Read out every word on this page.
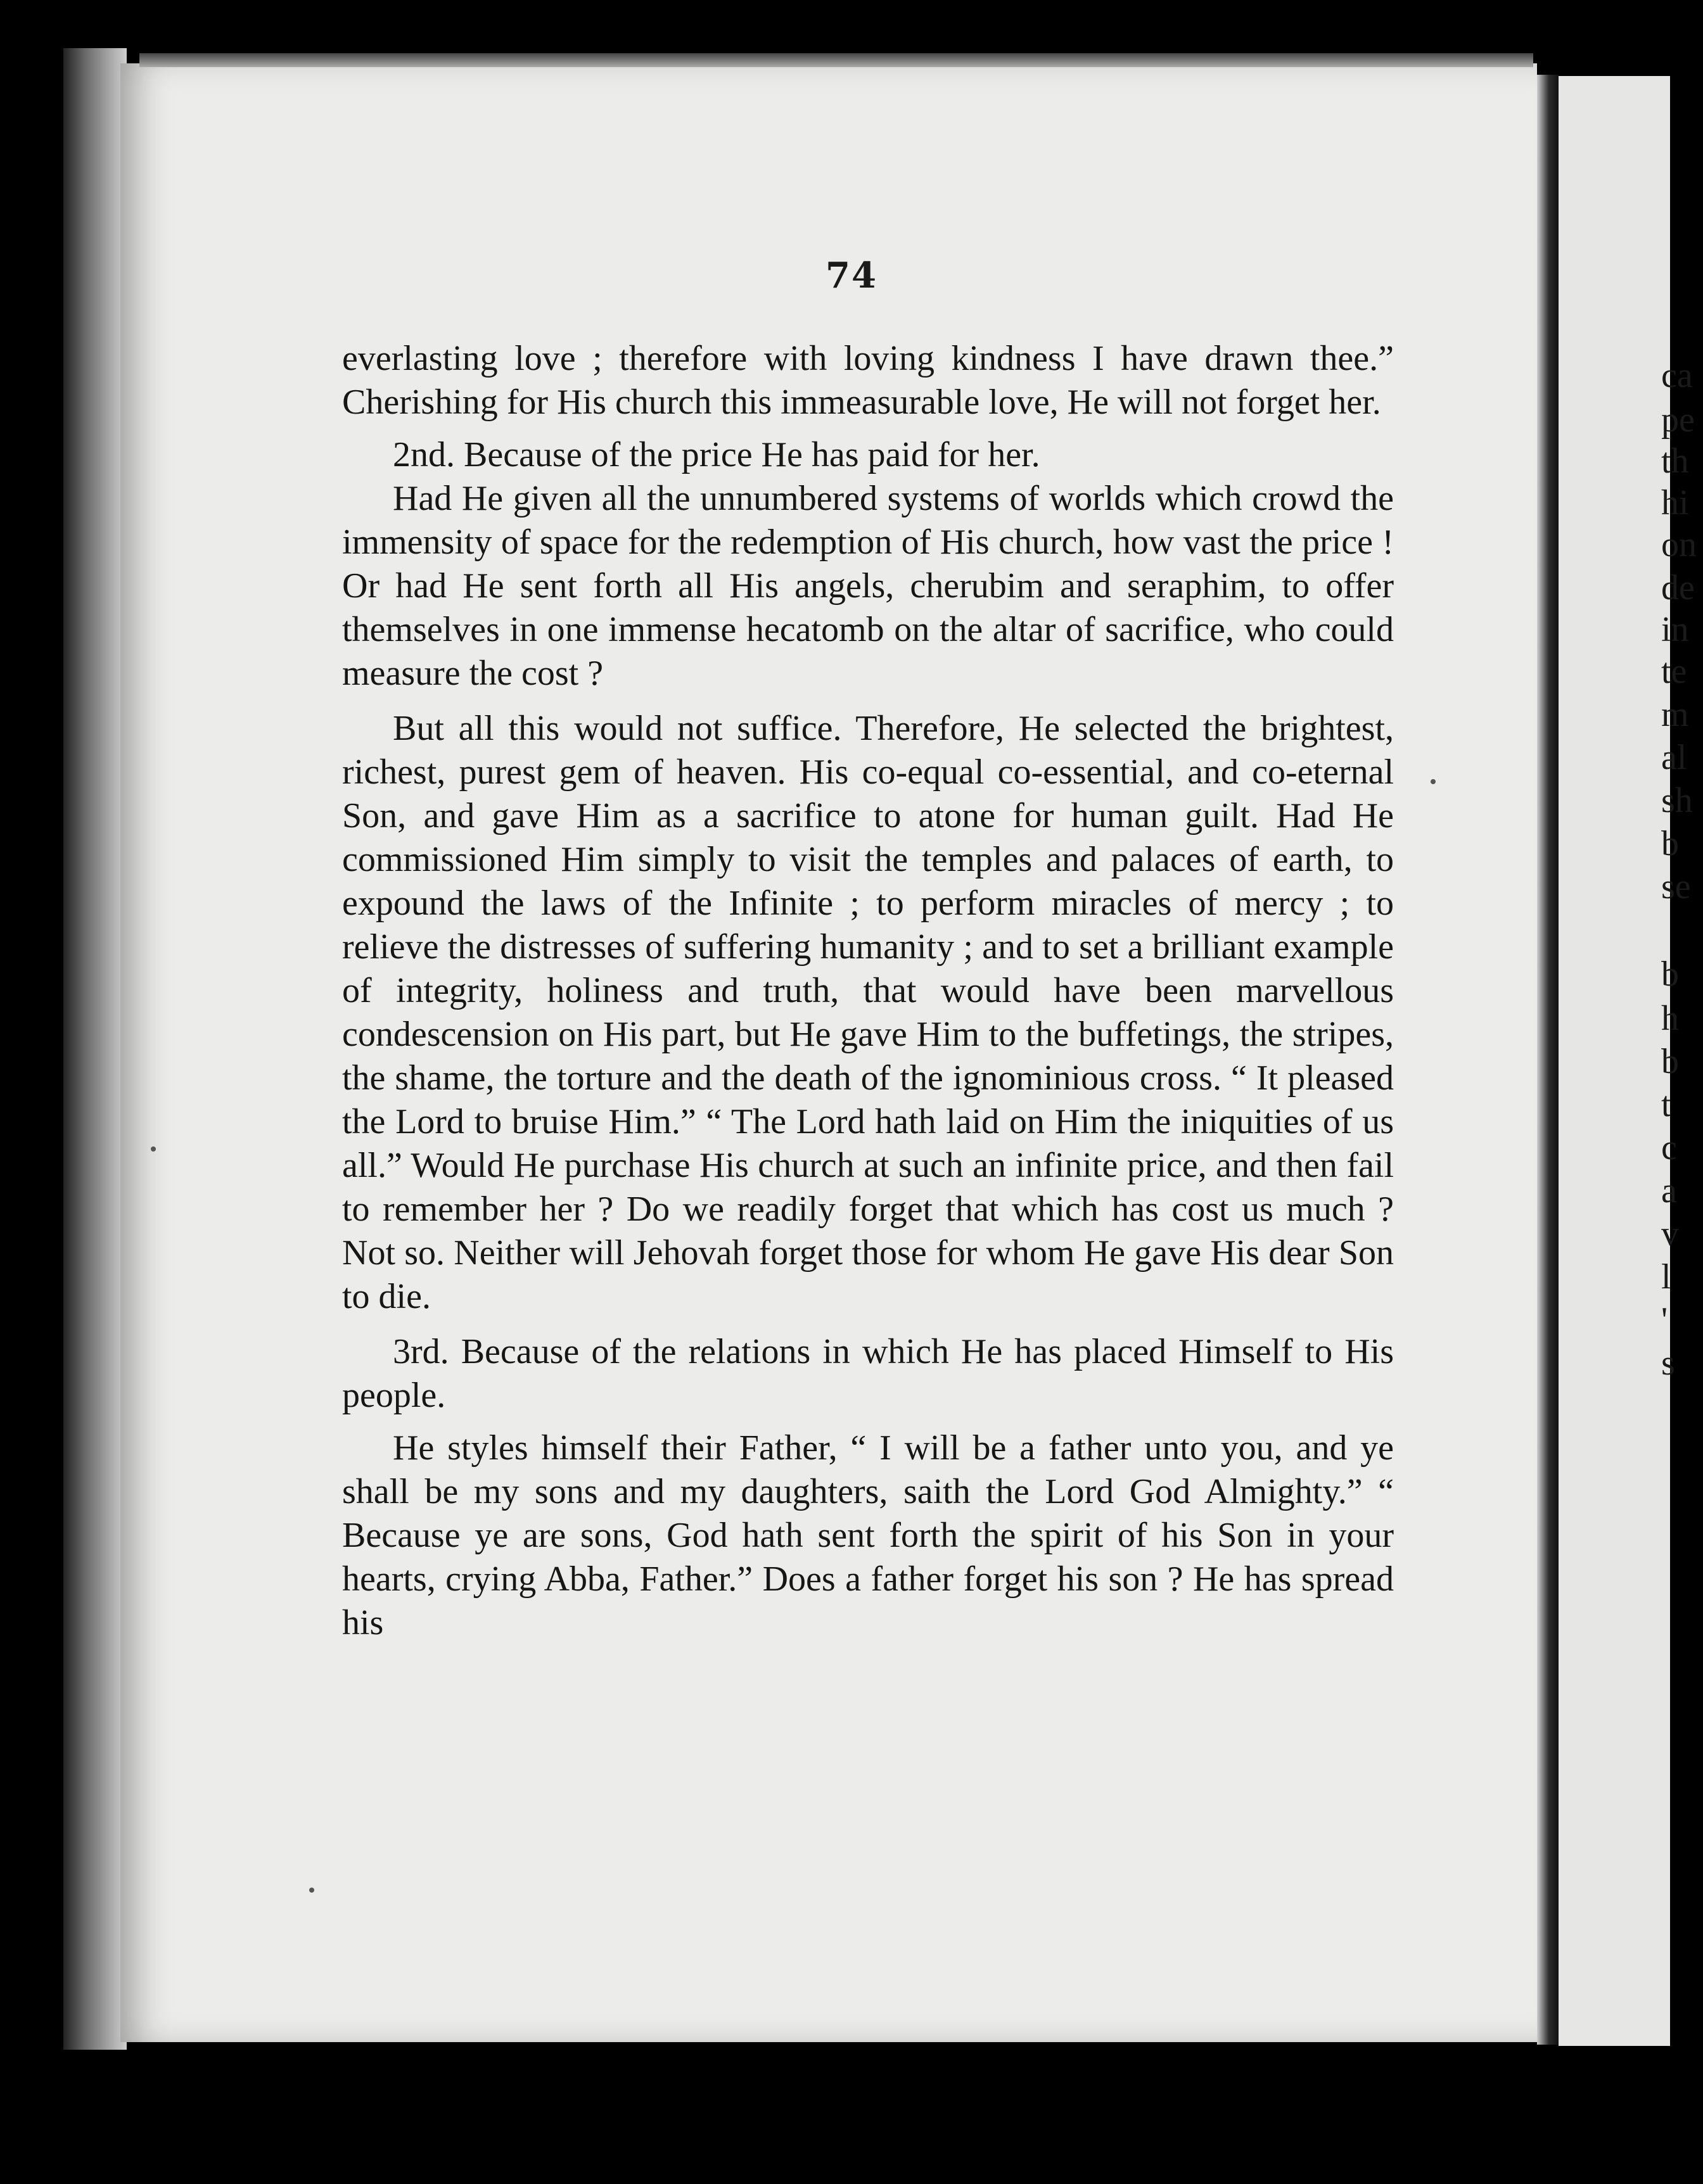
74

everlasting love ; therefore with loving kindness I have drawn thee.” Cherishing for His church this immeasurable love, He will not forget her.

2nd. Because of the price He has paid for her.

Had He given all the unnumbered systems of worlds which crowd the immensity of space for the redemption of His church, how vast the price ! Or had He sent forth all His angels, cherubim and seraphim, to offer themselves in one immense hecatomb on the altar of sacrifice, who could measure the cost ?

But all this would not suffice. Therefore, He selected the brightest, richest, purest gem of heaven. His co-equal co-essential, and co-eternal Son, and gave Him as a sacrifice to atone for human guilt. Had He commissioned Him simply to visit the temples and palaces of earth, to expound the laws of the Infinite ; to perform miracles of mercy ; to relieve the distresses of suffering humanity ; and to set a brilliant example of integrity, holiness and truth, that would have been marvellous condescension on His part, but He gave Him to the buffetings, the stripes, the shame, the torture and the death of the ignominious cross. “ It pleased the Lord to bruise Him.” “ The Lord hath laid on Him the iniquities of us all.” Would He purchase His church at such an infinite price, and then fail to remember her ? Do we readily forget that which has cost us much ? Not so. Neither will Jehovah forget those for whom He gave His dear Son to die.

3rd. Because of the relations in which He has placed Himself to His people.

He styles himself their Father, “ I will be a father unto you, and ye shall be my sons and my daughters, saith the Lord God Almighty.” “ Because ye are sons, God hath sent forth the spirit of his Son in your hearts, crying Abba, Father.” Does a father forget his son ? He has spread his

ca
pe
th
hi
on
de
in
te
m
al
sh
b
se
b
h
b
t
c
a
v
l
'
s
